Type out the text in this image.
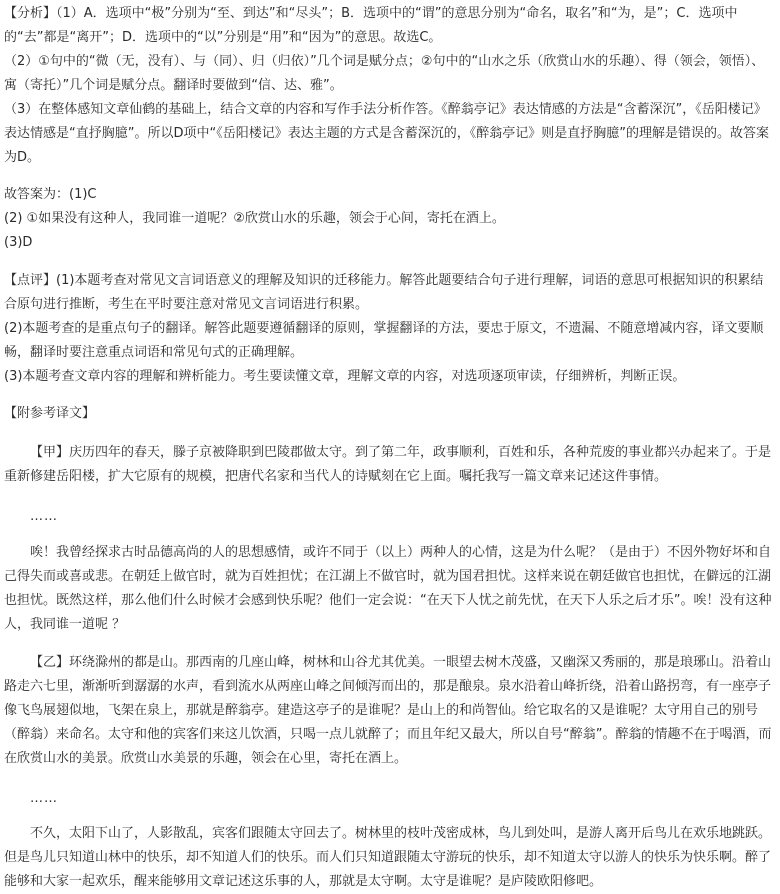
【分析】（1）A．选项中“极”分别为“至、到达”和“尽头”；B．选项中的“谓”的意思分别为“命名，取名”和“为，是”；C．选项中的“去”都是“离开”；D．选项中的“以”分别是“用”和“因为”的意思。故选C。

（2）①句中的“微（无，没有）、与（同）、归（归依）”几个词是赋分点；②句中的“山水之乐（欣赏山水的乐趣）、得（领会，领悟）、寓（寄托）”几个词是赋分点。翻译时要做到“信、达、雅”。

（3）在整体感知文章仙鹤的基础上，结合文章的内容和写作手法分析作答。《醉翁亭记》表达情感的方法是“含蓄深沉”，《岳阳楼记》表达情感是“直抒胸臆”。所以D项中“《岳阳楼记》表达主题的方式是含蓄深沉的，《醉翁亭记》则是直抒胸臆”的理解是错误的。故答案为D。

故答案为：(1)C

(2) ①如果没有这种人，我同谁一道呢？②欣赏山水的乐趣，领会于心间，寄托在酒上。

(3)D

【点评】(1)本题考查对常见文言词语意义的理解及知识的迁移能力。解答此题要结合句子进行理解，词语的意思可根据知识的积累结合原句进行推断，考生在平时要注意对常见文言词语进行积累。

(2)本题考查的是重点句子的翻译。解答此题要遵循翻译的原则，掌握翻译的方法，要忠于原文，不遗漏、不随意增减内容，译文要顺畅，翻译时要注意重点词语和常见句式的正确理解。

(3)本题考查文章内容的理解和辨析能力。考生要读懂文章，理解文章的内容，对选项逐项审读，仔细辨析，判断正误。

【附参考译文】

【甲】庆历四年的春天，滕子京被降职到巴陵郡做太守。到了第二年，政事顺利，百姓和乐，各种荒废的事业都兴办起来了。于是重新修建岳阳楼，扩大它原有的规模，把唐代名家和当代人的诗赋刻在它上面。嘱托我写一篇文章来记述这件事情。

……

唉！我曾经探求古时品德高尚的人的思想感情，或许不同于（以上）两种人的心情，这是为什么呢？（是由于）不因外物好坏和自己得失而或喜或悲。在朝廷上做官时，就为百姓担忧；在江湖上不做官时，就为国君担忧。这样来说在朝廷做官也担忧，在僻远的江湖也担忧。既然这样，那么他们什么时候才会感到快乐呢？他们一定会说：“在天下人忧之前先忧，在天下人乐之后才乐”。唉！没有这种人，我同谁一道呢 ？

【乙】环绕滁州的都是山。那西南的几座山峰，树林和山谷尤其优美。一眼望去树木茂盛，又幽深又秀丽的，那是琅琊山。沿着山路走六七里，渐渐听到潺潺的水声，看到流水从两座山峰之间倾泻而出的，那是酿泉。泉水沿着山峰折绕，沿着山路拐弯，有一座亭子像飞鸟展翅似地，飞架在泉上，那就是醉翁亭。建造这亭子的是谁呢？是山上的和尚智仙。给它取名的又是谁呢？太守用自己的别号（醉翁）来命名。太守和他的宾客们来这儿饮酒，只喝一点儿就醉了；而且年纪又最大，所以自号“醉翁”。醉翁的情趣不在于喝酒，而在欣赏山水的美景。欣赏山水美景的乐趣，领会在心里，寄托在酒上。

……

不久，太阳下山了，人影散乱，宾客们跟随太守回去了。树林里的枝叶茂密成林，鸟儿到处叫，是游人离开后鸟儿在欢乐地跳跃。但是鸟儿只知道山林中的快乐，却不知道人们的快乐。而人们只知道跟随太守游玩的快乐，却不知道太守以游人的快乐为快乐啊。醉了能够和大家一起欢乐，醒来能够用文章记述这乐事的人，那就是太守啊。太守是谁呢？是庐陵欧阳修吧。
